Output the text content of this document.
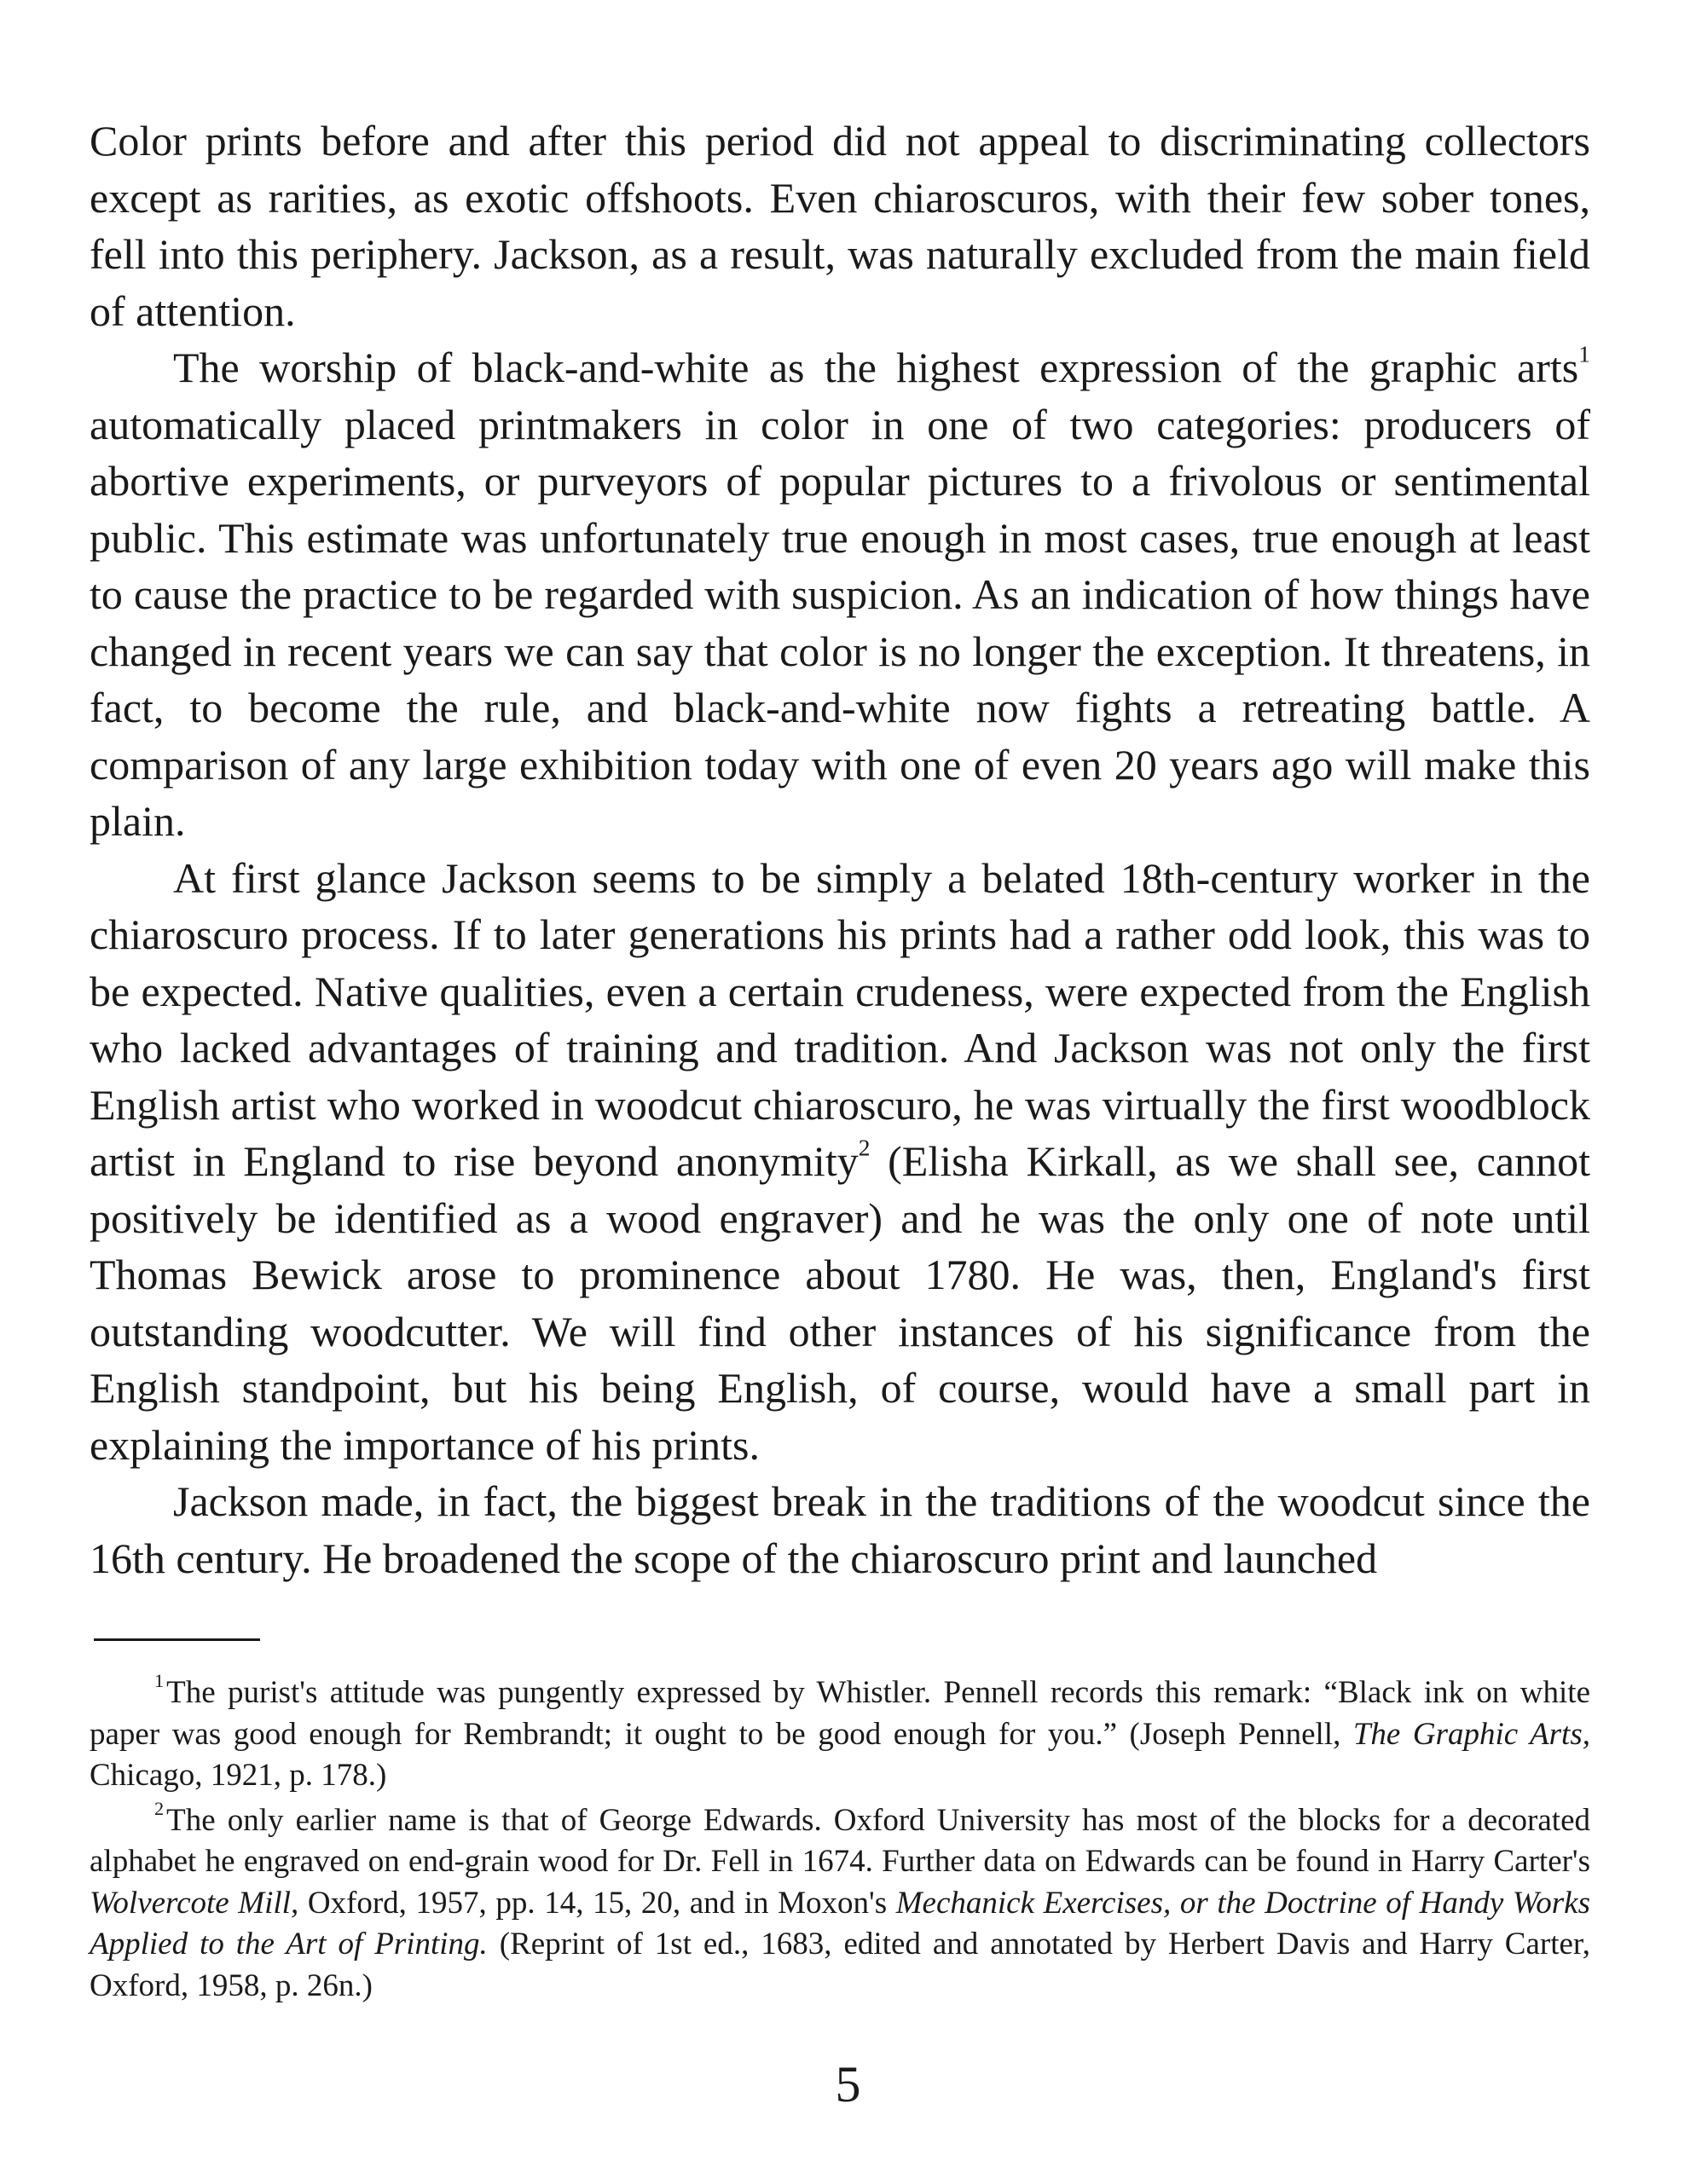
Color prints before and after this period did not appeal to discriminating collectors except as rarities, as exotic offshoots. Even chiaroscuros, with their few sober tones, fell into this periphery. Jackson, as a result, was naturally excluded from the main field of attention.

The worship of black-and-white as the highest expression of the graphic arts$^1$ automatically placed printmakers in color in one of two categories: producers of abortive experiments, or purveyors of popular pictures to a frivolous or sentimental public. This estimate was unfortunately true enough in most cases, true enough at least to cause the practice to be regarded with suspicion. As an indication of how things have changed in recent years we can say that color is no longer the exception. It threatens, in fact, to become the rule, and black-and-white now fights a retreating battle. A comparison of any large exhibition today with one of even 20 years ago will make this plain.

At first glance Jackson seems to be simply a belated 18th-century worker in the chiaroscuro process. If to later generations his prints had a rather odd look, this was to be expected. Native qualities, even a certain crudeness, were expected from the English who lacked advantages of training and tradition. And Jackson was not only the first English artist who worked in woodcut chiaroscuro, he was virtually the first woodblock artist in England to rise beyond anonymity$^2$ (Elisha Kirkall, as we shall see, cannot positively be identified as a wood engraver) and he was the only one of note until Thomas Bewick arose to prominence about 1780. He was, then, England's first outstanding woodcutter. We will find other instances of his significance from the English standpoint, but his being English, of course, would have a small part in explaining the importance of his prints.

Jackson made, in fact, the biggest break in the traditions of the woodcut since the 16th century. He broadened the scope of the chiaroscuro print and launched

$^1$The purist's attitude was pungently expressed by Whistler. Pennell records this remark: “Black ink on white paper was good enough for Rembrandt; it ought to be good enough for you.” (Joseph Pennell, The Graphic Arts, Chicago, 1921, p. 178.)

$^2$The only earlier name is that of George Edwards. Oxford University has most of the blocks for a decorated alphabet he engraved on end-grain wood for Dr. Fell in 1674. Further data on Edwards can be found in Harry Carter's Wolvercote Mill, Oxford, 1957, pp. 14, 15, 20, and in Moxon's Mechanick Exercises, or the Doctrine of Handy Works Applied to the Art of Printing. (Reprint of 1st ed., 1683, edited and annotated by Herbert Davis and Harry Carter, Oxford, 1958, p. 26n.)

5
